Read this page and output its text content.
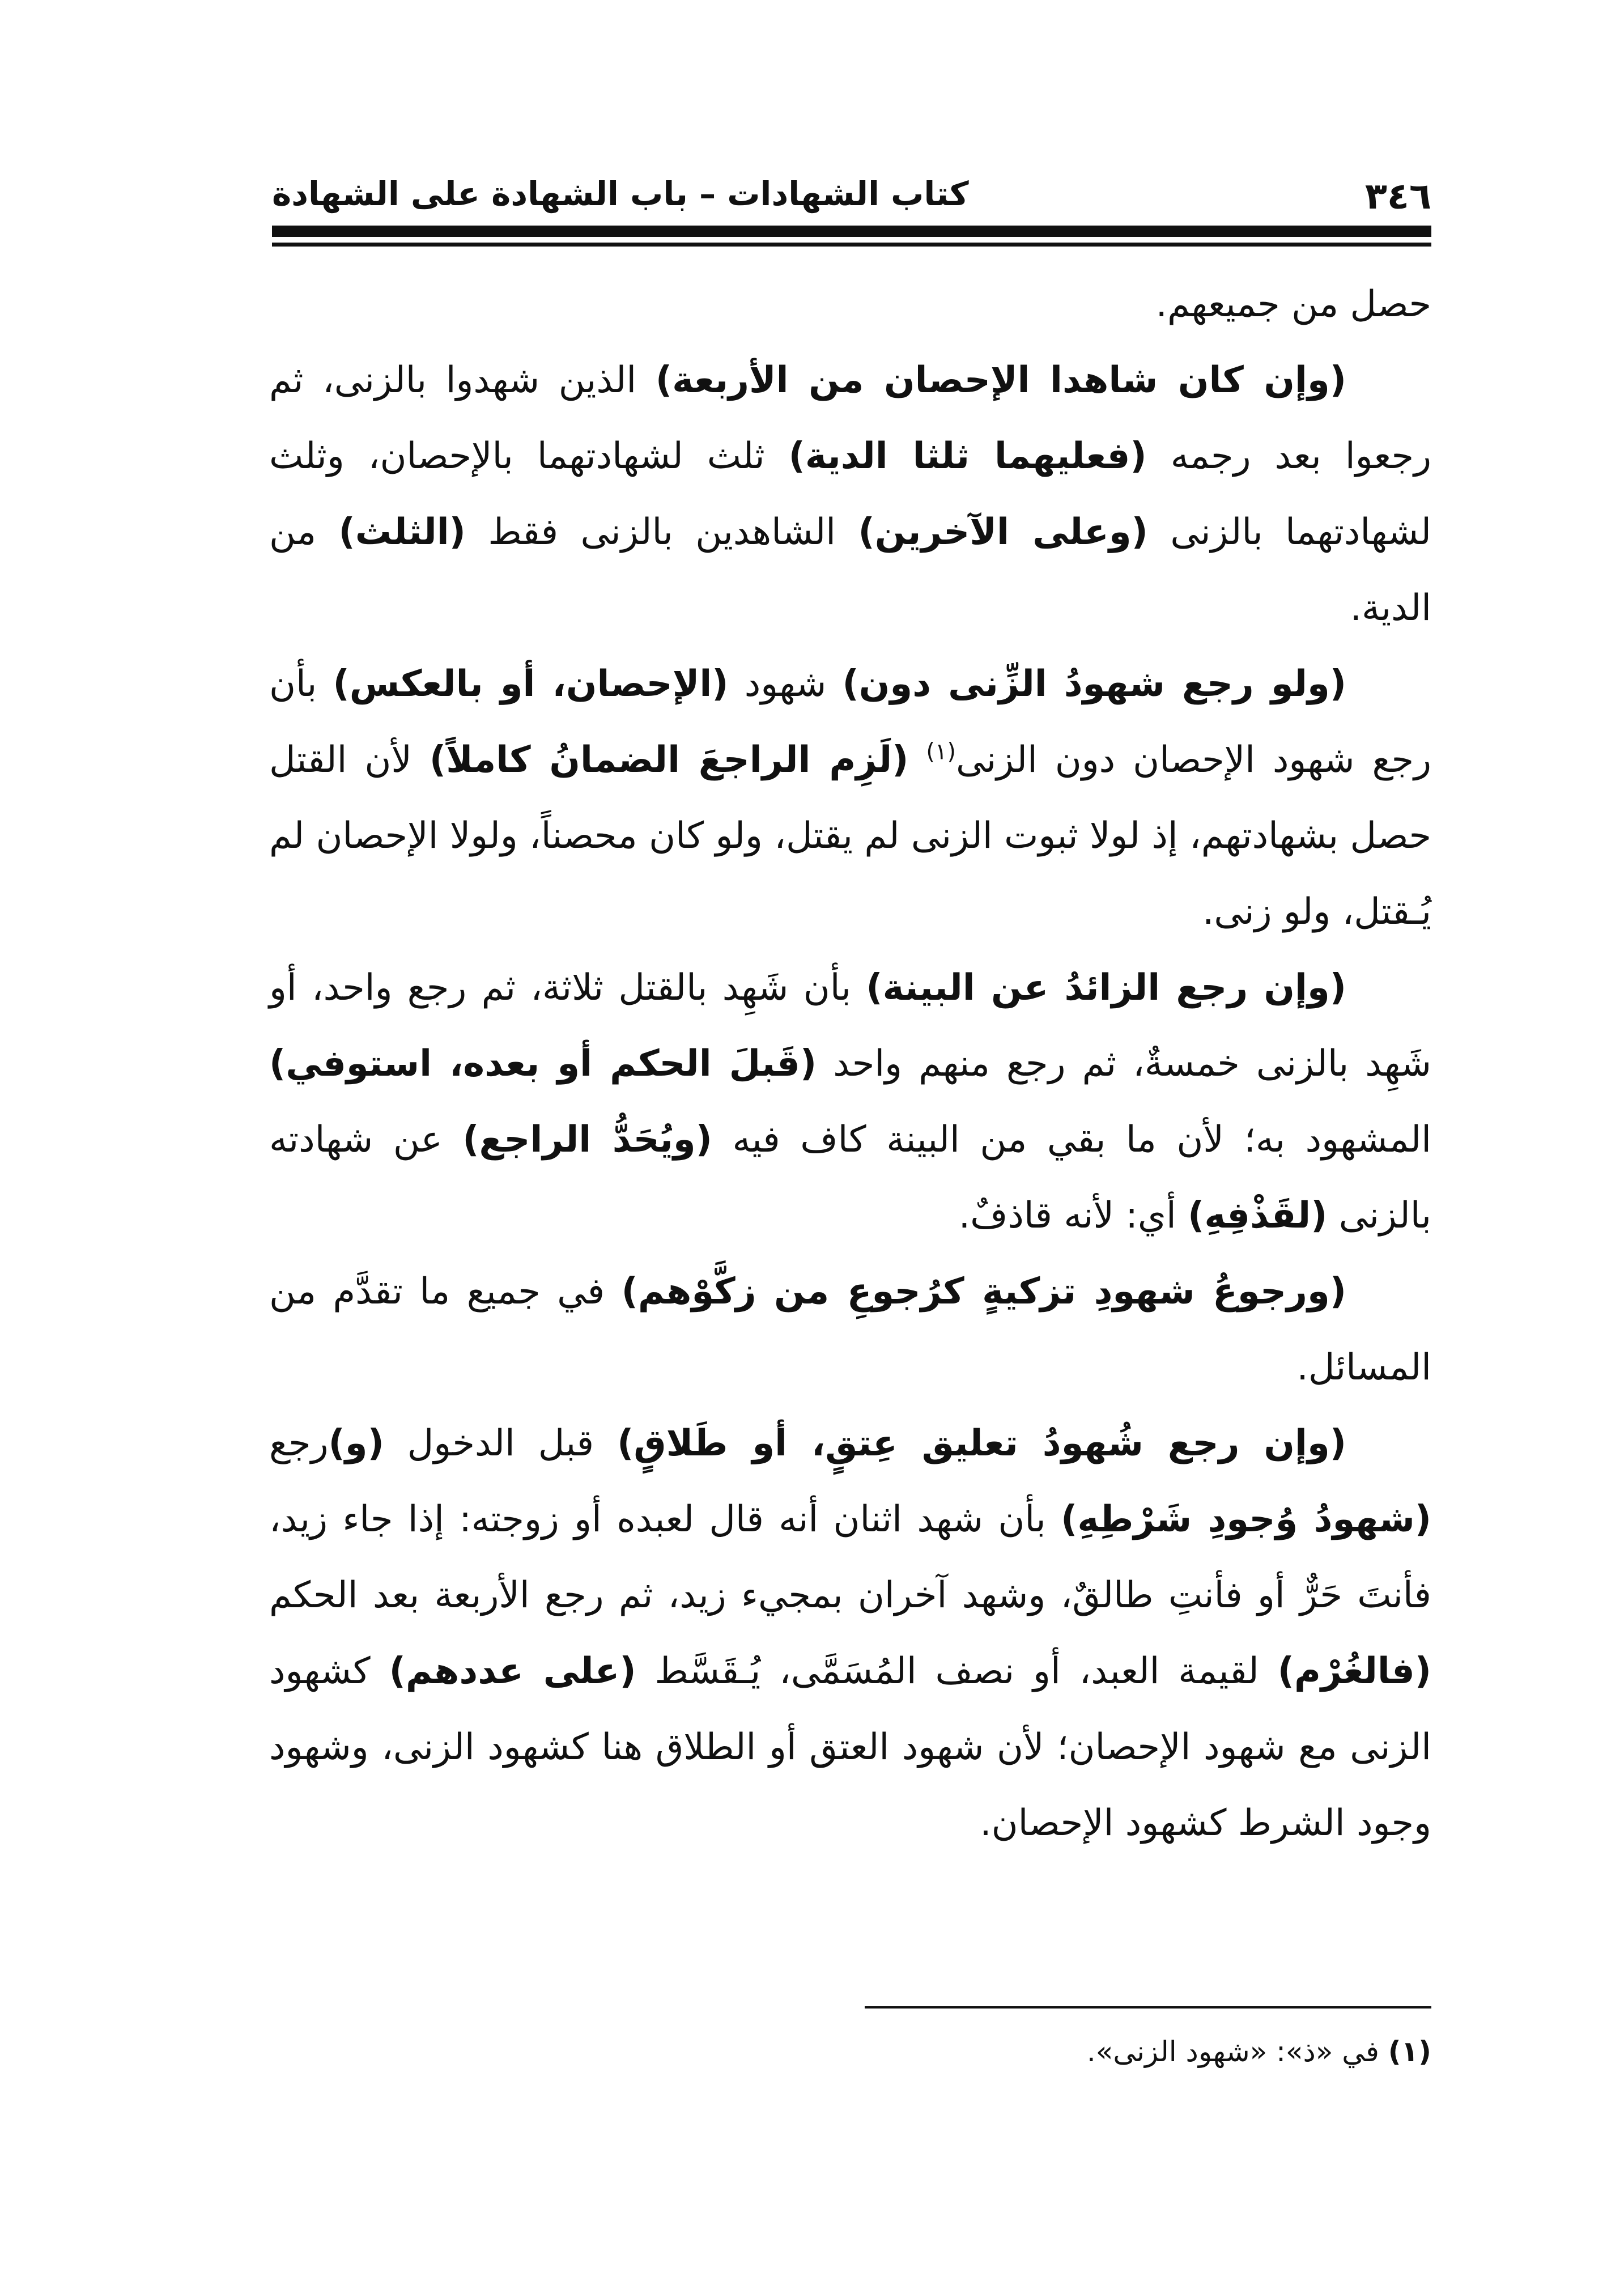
٣٤٦
كتاب الشهادات – باب الشهادة على الشهادة

حصل من جميعهم.

(وإن كان شاهدا الإحصان من الأربعة) الذين شهدوا بالزنى، ثم رجعوا بعد رجمه (فعليهما ثلثا الدية) ثلث لشهادتهما بالإحصان، وثلث لشهادتهما بالزنى (وعلى الآخرين) الشاهدين بالزنى فقط (الثلث) من الدية.

(ولو رجع شهودُ الزِّنى دون) شهود (الإحصان، أو بالعكس) بأن رجع شهود الإحصان دون الزنى$^{(١)}$ (لَزِم الراجعَ الضمانُ كاملاً) لأن القتل حصل بشهادتهم، إذ لولا ثبوت الزنى لم يقتل، ولو كان محصناً، ولولا الإحصان لم يُـقتل، ولو زنى.

(وإن رجع الزائدُ عن البينة) بأن شَهِد بالقتل ثلاثة، ثم رجع واحد، أو شَهِد بالزنى خمسةٌ، ثم رجع منهم واحد (قَبلَ الحكم أو بعده، استوفي) المشهود به؛ لأن ما بقي من البينة كاف فيه (ويُحَدُّ الراجع) عن شهادته بالزنى (لقَذْفِهِ) أي: لأنه قاذفٌ.

(ورجوعُ شهودِ تزكيةٍ كرُجوعِ من زكَّوْهم) في جميع ما تقدَّم من المسائل.

(وإن رجع شُهودُ تعليق عِتقٍ، أو طَلاقٍ) قبل الدخول (و)رجع (شهودُ وُجودِ شَرْطِهِ) بأن شهد اثنان أنه قال لعبده أو زوجته: إذا جاء زيد، فأنتَ حَرٌّ أو فأنتِ طالقٌ، وشهد آخران بمجيء زيد، ثم رجع الأربعة بعد الحكم (فالغُرْم) لقيمة العبد، أو نصف المُسَمَّى، يُـقَسَّط (على عددهم) كشهود الزنى مع شهود الإحصان؛ لأن شهود العتق أو الطلاق هنا كشهود الزنى، وشهود وجود الشرط كشهود الإحصان.

(١) في «ذ»: «شهود الزنى».
